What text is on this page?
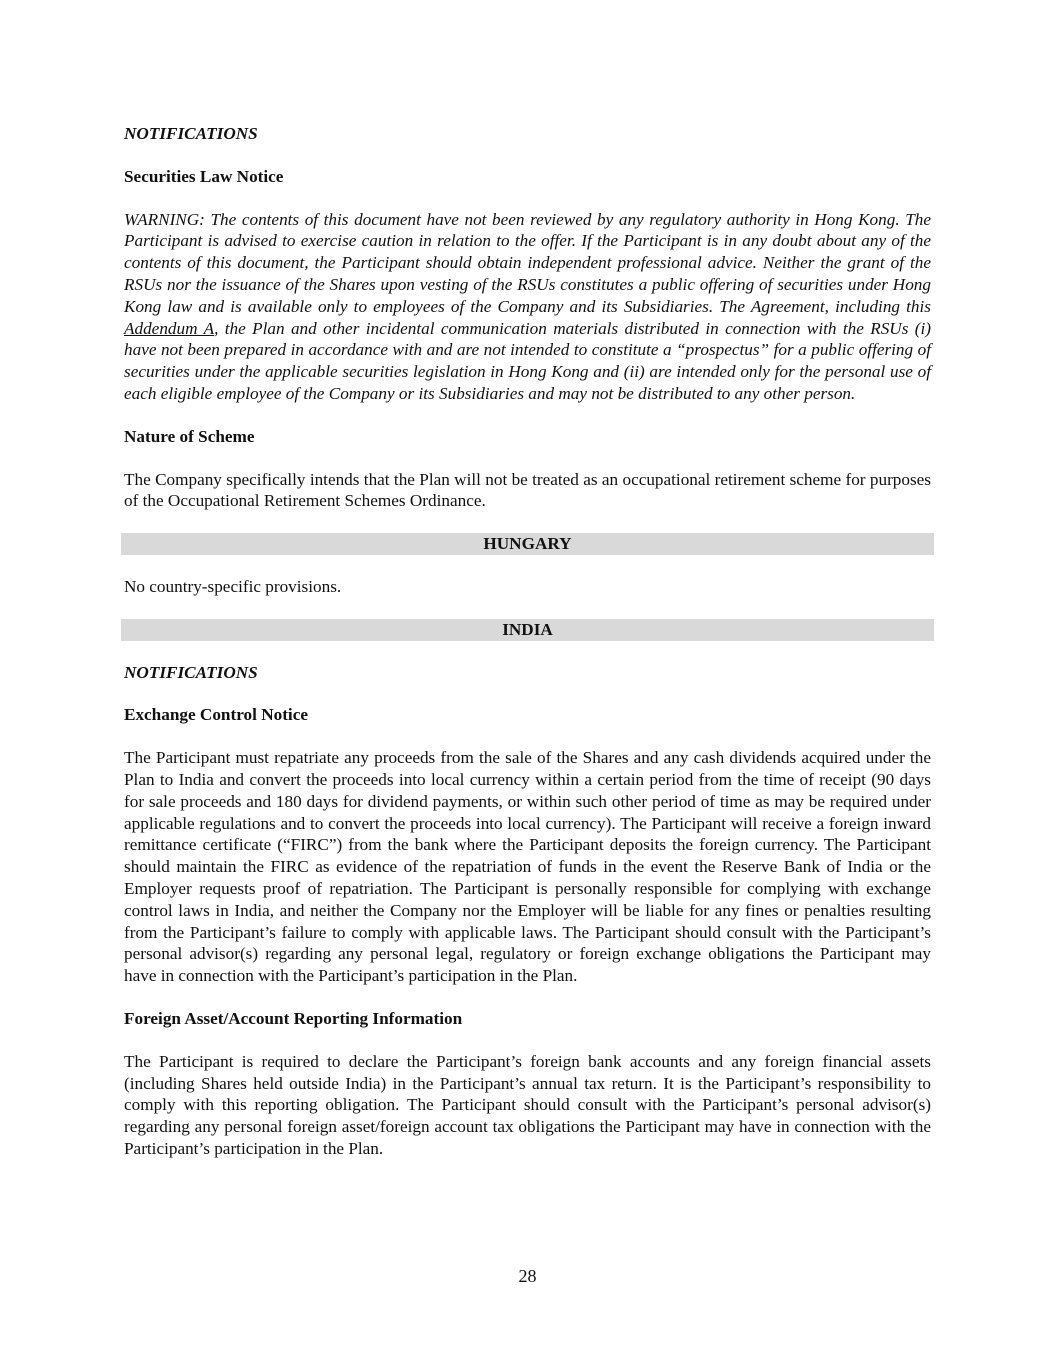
NOTIFICATIONS
Securities Law Notice
WARNING: The contents of this document have not been reviewed by any regulatory authority in Hong Kong. The Participant is advised to exercise caution in relation to the offer. If the Participant is in any doubt about any of the contents of this document, the Participant should obtain independent professional advice. Neither the grant of the RSUs nor the issuance of the Shares upon vesting of the RSUs constitutes a public offering of securities under Hong Kong law and is available only to employees of the Company and its Subsidiaries. The Agreement, including this Addendum A, the Plan and other incidental communication materials distributed in connection with the RSUs (i) have not been prepared in accordance with and are not intended to constitute a “prospectus” for a public offering of securities under the applicable securities legislation in Hong Kong and (ii) are intended only for the personal use of each eligible employee of the Company or its Subsidiaries and may not be distributed to any other person.
Nature of Scheme
The Company specifically intends that the Plan will not be treated as an occupational retirement scheme for purposes of the Occupational Retirement Schemes Ordinance.
HUNGARY
No country-specific provisions.
INDIA
NOTIFICATIONS
Exchange Control Notice
The Participant must repatriate any proceeds from the sale of the Shares and any cash dividends acquired under the Plan to India and convert the proceeds into local currency within a certain period from the time of receipt (90 days for sale proceeds and 180 days for dividend payments, or within such other period of time as may be required under applicable regulations and to convert the proceeds into local currency). The Participant will receive a foreign inward remittance certificate (“FIRC”) from the bank where the Participant deposits the foreign currency. The Participant should maintain the FIRC as evidence of the repatriation of funds in the event the Reserve Bank of India or the Employer requests proof of repatriation. The Participant is personally responsible for complying with exchange control laws in India, and neither the Company nor the Employer will be liable for any fines or penalties resulting from the Participant’s failure to comply with applicable laws. The Participant should consult with the Participant’s personal advisor(s) regarding any personal legal, regulatory or foreign exchange obligations the Participant may have in connection with the Participant’s participation in the Plan.
Foreign Asset/Account Reporting Information
The Participant is required to declare the Participant’s foreign bank accounts and any foreign financial assets (including Shares held outside India) in the Participant’s annual tax return. It is the Participant’s responsibility to comply with this reporting obligation. The Participant should consult with the Participant’s personal advisor(s) regarding any personal foreign asset/foreign account tax obligations the Participant may have in connection with the Participant’s participation in the Plan.
28
